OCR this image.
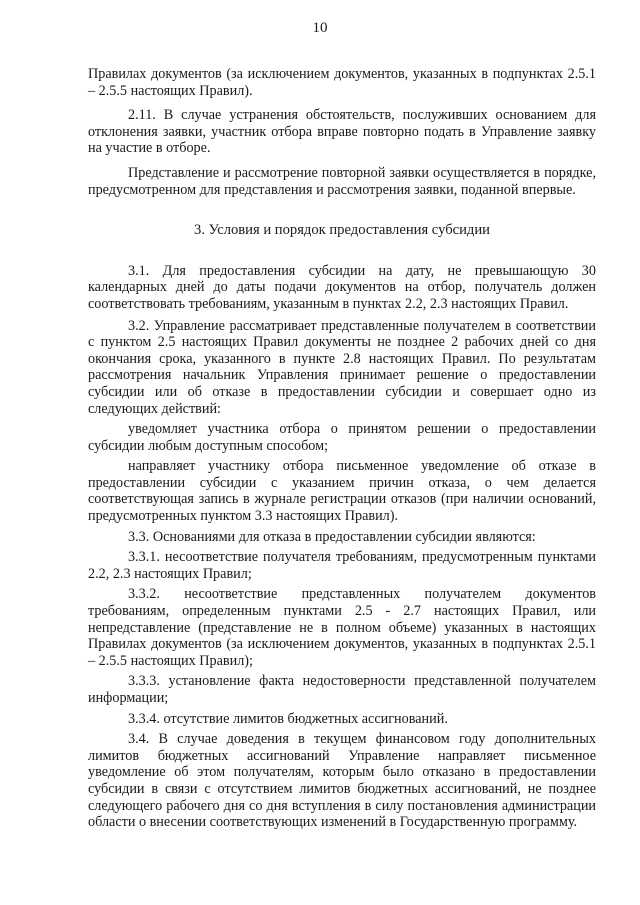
10

Правилах документов (за исключением документов, указанных в подпунктах 2.5.1 – 2.5.5 настоящих Правил).

2.11. В случае устранения обстоятельств, послуживших основанием для отклонения заявки, участник отбора вправе повторно подать в Управление заявку на участие в отборе.

Представление и рассмотрение повторной заявки осуществляется в порядке, предусмотренном для представления и рассмотрения заявки, поданной впервые.

3. Условия и порядок предоставления субсидии

3.1. Для предоставления субсидии на дату, не превышающую 30 календарных дней до даты подачи документов на отбор, получатель должен соответствовать требованиям, указанным в пунктах 2.2, 2.3 настоящих Правил.

3.2. Управление рассматривает представленные получателем в соответствии с пунктом 2.5 настоящих Правил документы не позднее 2 рабочих дней со дня окончания срока, указанного в пункте 2.8 настоящих Правил. По результатам рассмотрения начальник Управления принимает решение о предоставлении субсидии или об отказе в предоставлении субсидии и совершает одно из следующих действий:

уведомляет участника отбора о принятом решении о предоставлении субсидии любым доступным способом;

направляет участнику отбора письменное уведомление об отказе в предоставлении субсидии с указанием причин отказа, о чем делается соответствующая запись в журнале регистрации отказов (при наличии оснований, предусмотренных пунктом 3.3 настоящих Правил).

3.3. Основаниями для отказа в предоставлении субсидии являются:

3.3.1. несоответствие получателя требованиям, предусмотренным пунктами 2.2, 2.3 настоящих Правил;

3.3.2. несоответствие представленных получателем документов требованиям, определенным пунктами 2.5 - 2.7 настоящих Правил, или непредставление (представление не в полном объеме) указанных в настоящих Правилах документов (за исключением документов, указанных в подпунктах 2.5.1 – 2.5.5 настоящих Правил);

3.3.3. установление факта недостоверности представленной получателем информации;

3.3.4. отсутствие лимитов бюджетных ассигнований.

3.4. В случае доведения в текущем финансовом году дополнительных лимитов бюджетных ассигнований Управление направляет письменное уведомление об этом получателям, которым было отказано в предоставлении субсидии в связи с отсутствием лимитов бюджетных ассигнований, не позднее следующего рабочего дня со дня вступления в силу постановления администрации области о внесении соответствующих изменений в Государственную программу.
